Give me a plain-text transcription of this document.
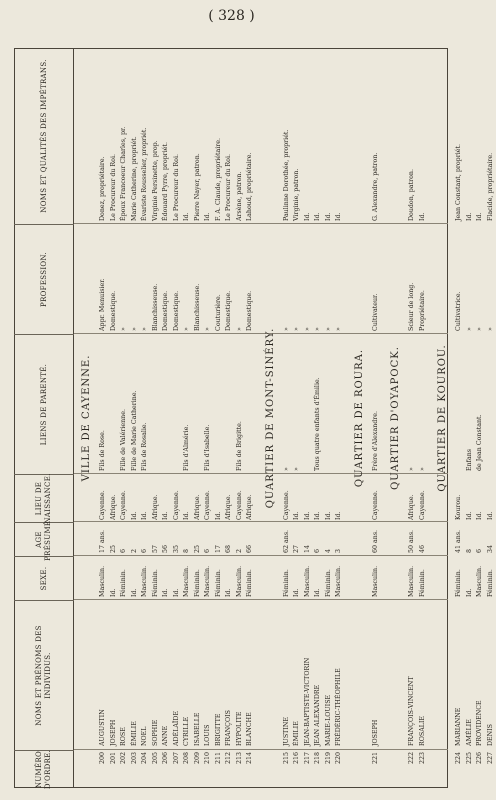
( 328 )
NUMÉRO D'ORDRE.
NOMS ET PRÉNOMS DES INDIVIDUS.
SEXE.
AGE PRÉSUMÉ.
LIEU DE NAISSANCE.
LIENS DE PARENTÉ.
PROFESSION.
NOMS ET QUALITÉS DES IMPÉTRANS.
VILLE DE CAYENNE.
200
AUGUSTIN
Masculin.
17 ans.
Cayenne.
Fils de Rose.
Appr. Menuisier.
Donez, propriétaire.
201
JOSEPH
Id.
25
Afrique.
Domestique.
Le Procureur du Roi.
202
ROSE
Féminin.
6
Cayenne.
Fille de Valérienne.
»
Époux Francoeur Charles, pr.
203
ÉMILIE
Id.
2
Id.
Fille de Marie Catherine.
»
Marie Catherine, propriét.
204
NOEL
Masculin.
6
Id.
Fils de Rosalie.
»
Évariste Rousselier, propriét.
205
SOPHIE
Féminin.
57
Afrique.
Blanchisseuse.
Virginie Persinette, prop.
206
ANNE
Id.
56
Id.
Domestique.
Édouard Pyrre, propriét.
207
ADÉLAÏDE
Id.
35
Cayenne.
Domestique.
Le Procureur du Roi.
208
CYRILLE
Masculin.
8
Id.
Fils d'Almérie.
»
Id.
209
ISABELLE
Féminin.
25
Afrique.
Blanchisseuse.
Pierre Nayer, patron.
210
LOUIS
Masculin.
6
Cayenne.
Fils d'Isabelle.
»
Id.
211
BRIGITTE
Féminin.
17
Id.
Couturière.
F. A. Claude, propriétaire.
212
FRANÇOIS
Id.
68
Afrique.
Domestique.
Le Procureur du Roi.
213
HYPOLITE
Masculin.
2
Cayenne.
Fils de Brigitte.
»
Arsène, patron.
214
BLANCHE
Féminin.
66
Afrique.
Domestique.
Lahoud, propriétaire.
QUARTIER DE MONT-SINÉRY.
215
JUSTINE
Féminin.
62 ans.
Cayenne.
»
»
Paulinne Dorothée, propriét.
216
ÉMILIE
Id.
27
Id.
»
»
Virginie, patron.
217
JEAN-BAPTISTE-VICTORIN
Masculin.
14
Id.
»
Id.
218
JEAN ALEXANDRE
Id.
6
Id.
Tous quatre enfants d'Émilie.
»
Id.
219
MARIE-LOUISE
Féminin.
4
Id.
»
Id.
220
FRÉDÉRIC-THÉOPHILE
Masculin.
3
Id.
»
Id.
QUARTIER DE ROURA.
221
JOSEPH
Masculin.
60 ans.
Cayenne.
Frère d'Alexandre.
Cultivateur.
G. Alexandre, patron.
QUARTIER D'OYAPOCK.
222
FRANÇOIS-VINCENT
Masculin.
50 ans.
Afrique.
»
Scieur de long.
Doudon, patron.
223
ROSALIE
Féminin.
46
Cayenne.
»
Propriétaire.
Id.
QUARTIER DE KOUROU.
224
MARIANNE
Féminin.
41 ans.
Kourou.
Cultivatrice.
Jean Constant, propriét.
225
AMÉLIE
Id.
8
Id.
Enfans
»
Id.
226
PROVIDENCE
Masculin.
6
Id.
de Jean Constant.
»
Id.
227
DENIS
Féminin.
34
Id.
»
Flacide, propriétaire.
